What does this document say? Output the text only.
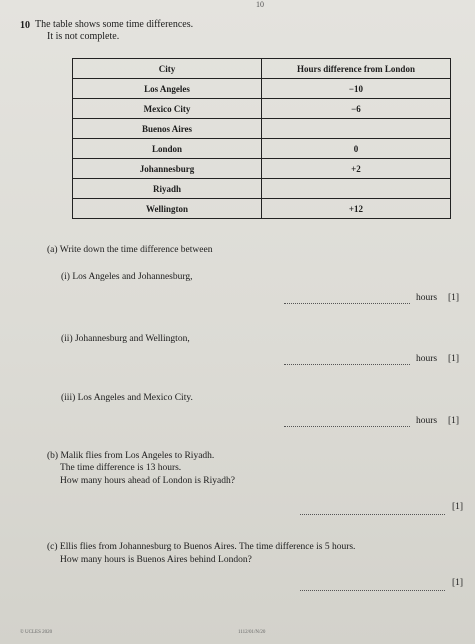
10
10 The table shows some time differences.
It is not complete.
City	Hours difference from London
Los Angeles	−10
Mexico City	−6
Buenos Aires	
London	0
Johannesburg	+2
Riyadh	
Wellington	+12
(a) Write down the time difference between
(i) Los Angeles and Johannesburg,
hours [1]
(ii) Johannesburg and Wellington,
hours [1]
(iii) Los Angeles and Mexico City.
hours [1]
(b) Malik flies from Los Angeles to Riyadh.
The time difference is 13 hours.
How many hours ahead of London is Riyadh?
[1]
(c) Ellis flies from Johannesburg to Buenos Aires. The time difference is 5 hours.
How many hours is Buenos Aires behind London?
[1]
© UCLES 2020	1112/01/N/20
